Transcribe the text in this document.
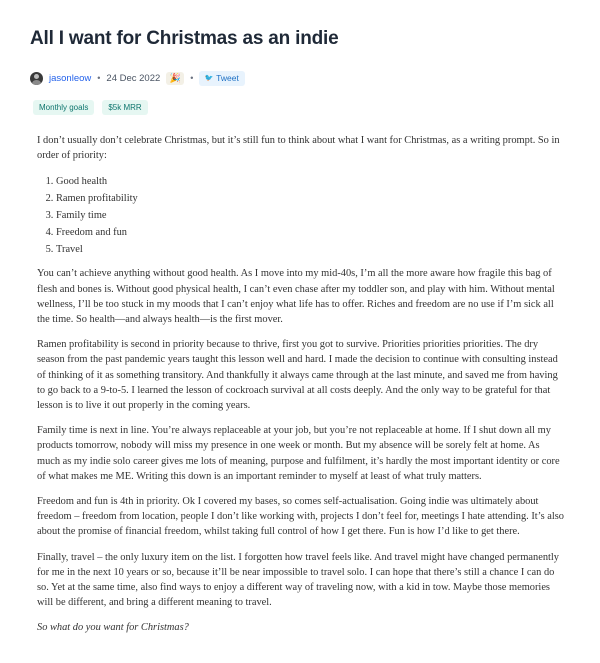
All I want for Christmas as an indie
jasonleow • 24 Dec 2022	🎉	• 🐦 Tweet
Monthly goals	$5k MRR

I don’t usually don’t celebrate Christmas, but it’s still fun to think about what I want for Christmas, as a writing prompt. So in order of priority:

1. Good health
2. Ramen profitability
3. Family time
4. Freedom and fun
5. Travel

You can’t achieve anything without good health. As I move into my mid-40s, I’m all the more aware how fragile this bag of flesh and bones is. Without good physical health, I can’t even chase after my toddler son, and play with him. Without mental wellness, I’ll be too stuck in my moods that I can’t enjoy what life has to offer. Riches and freedom are no use if I’m sick all the time. So health—and always health—is the first mover.

Ramen profitability is second in priority because to thrive, first you got to survive. Priorities priorities priorities. The dry season from the past pandemic years taught this lesson well and hard. I made the decision to continue with consulting instead of thinking of it as something transitory. And thankfully it always came through at the last minute, and saved me from having to go back to a 9-to-5. I learned the lesson of cockroach survival at all costs deeply. And the only way to be grateful for that lesson is to live it out properly in the coming years.

Family time is next in line. You’re always replaceable at your job, but you’re not replaceable at home. If I shut down all my products tomorrow, nobody will miss my presence in one week or month. But my absence will be sorely felt at home. As much as my indie solo career gives me lots of meaning, purpose and fulfilment, it’s hardly the most important identity or core of what makes me ME. Writing this down is an important reminder to myself at least of what truly matters.

Freedom and fun is 4th in priority. Ok I covered my bases, so comes self-actualisation. Going indie was ultimately about freedom – freedom from location, people I don’t like working with, projects I don’t feel for, meetings I hate attending. It’s also about the promise of financial freedom, whilst taking full control of how I get there. Fun is how I’d like to get there.

Finally, travel – the only luxury item on the list. I forgotten how travel feels like. And travel might have changed permanently for me in the next 10 years or so, because it’ll be near impossible to travel solo. I can hope that there’s still a chance I can do so. Yet at the same time, also find ways to enjoy a different way of traveling now, with a kid in tow. Maybe those memories will be different, and bring a different meaning to travel.

So what do you want for Christmas?
